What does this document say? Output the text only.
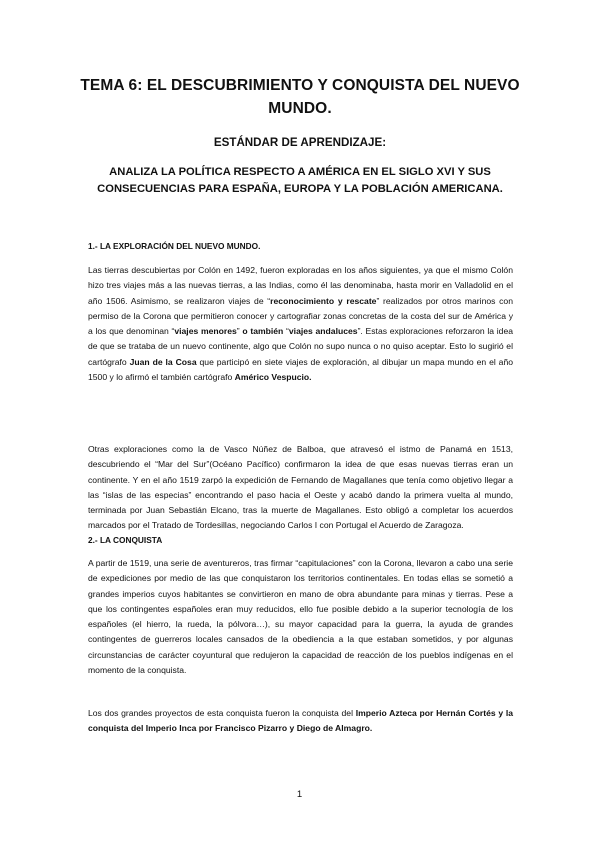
TEMA 6: EL DESCUBRIMIENTO Y CONQUISTA DEL NUEVO MUNDO.
ESTÁNDAR DE APRENDIZAJE:
ANALIZA LA POLÍTICA RESPECTO A AMÉRICA EN EL SIGLO XVI Y SUS CONSECUENCIAS PARA ESPAÑA, EUROPA Y LA POBLACIÓN AMERICANA.
1.- LA EXPLORACIÓN DEL NUEVO MUNDO.

Las tierras descubiertas por Colón en 1492, fueron exploradas en los años siguientes, ya que el mismo Colón hizo tres viajes más a las nuevas tierras, a las Indias, como él las denominaba, hasta morir en Valladolid en el año 1506. Asimismo, se realizaron viajes de “reconocimiento y rescate” realizados por otros marinos con permiso de la Corona que permitieron conocer y cartografiar zonas concretas de la costa del sur de América y a los que denominan “viajes menores” o también “viajes andaluces”. Estas exploraciones reforzaron la idea de que se trataba de un nuevo continente, algo que Colón no supo nunca o no quiso aceptar. Esto lo sugirió el cartógrafo Juan de la Cosa que participó en siete viajes de exploración, al dibujar un mapa mundo en el año 1500 y lo afirmó el también cartógrafo Américo Vespucio.

Otras exploraciones como la de Vasco Núñez de Balboa, que atravesó el istmo de Panamá en 1513, descubriendo el “Mar del Sur”(Océano Pacífico) confirmaron la idea de que esas nuevas tierras eran un continente. Y en el año 1519 zarpó la expedición de Fernando de Magallanes que tenía como objetivo llegar a las “islas de las especias” encontrando el paso hacia el Oeste y acabó dando la primera vuelta al mundo, terminada por Juan Sebastián Elcano, tras la muerte de Magallanes. Esto obligó a completar los acuerdos marcados por el Tratado de Tordesillas, negociando Carlos I con Portugal el Acuerdo de Zaragoza.

2.- LA CONQUISTA

A partir de 1519, una serie de aventureros, tras firmar “capitulaciones” con la Corona, llevaron a cabo una serie de expediciones por medio de las que conquistaron los territorios continentales. En todas ellas se sometió a grandes imperios cuyos habitantes se convirtieron en mano de obra abundante para minas y tierras. Pese a que los contingentes españoles eran muy reducidos, ello fue posible debido a la superior tecnología de los españoles (el hierro, la rueda, la pólvora…), su mayor capacidad para la guerra, la ayuda de grandes contingentes de guerreros locales cansados de la obediencia a la que estaban sometidos, y por algunas circunstancias de carácter coyuntural que redujeron la capacidad de reacción de los pueblos indígenas en el momento de la conquista.

Los dos grandes proyectos de esta conquista fueron la conquista del Imperio Azteca por Hernán Cortés y la conquista del Imperio Inca por Francisco Pizarro y Diego de Almagro.

1
